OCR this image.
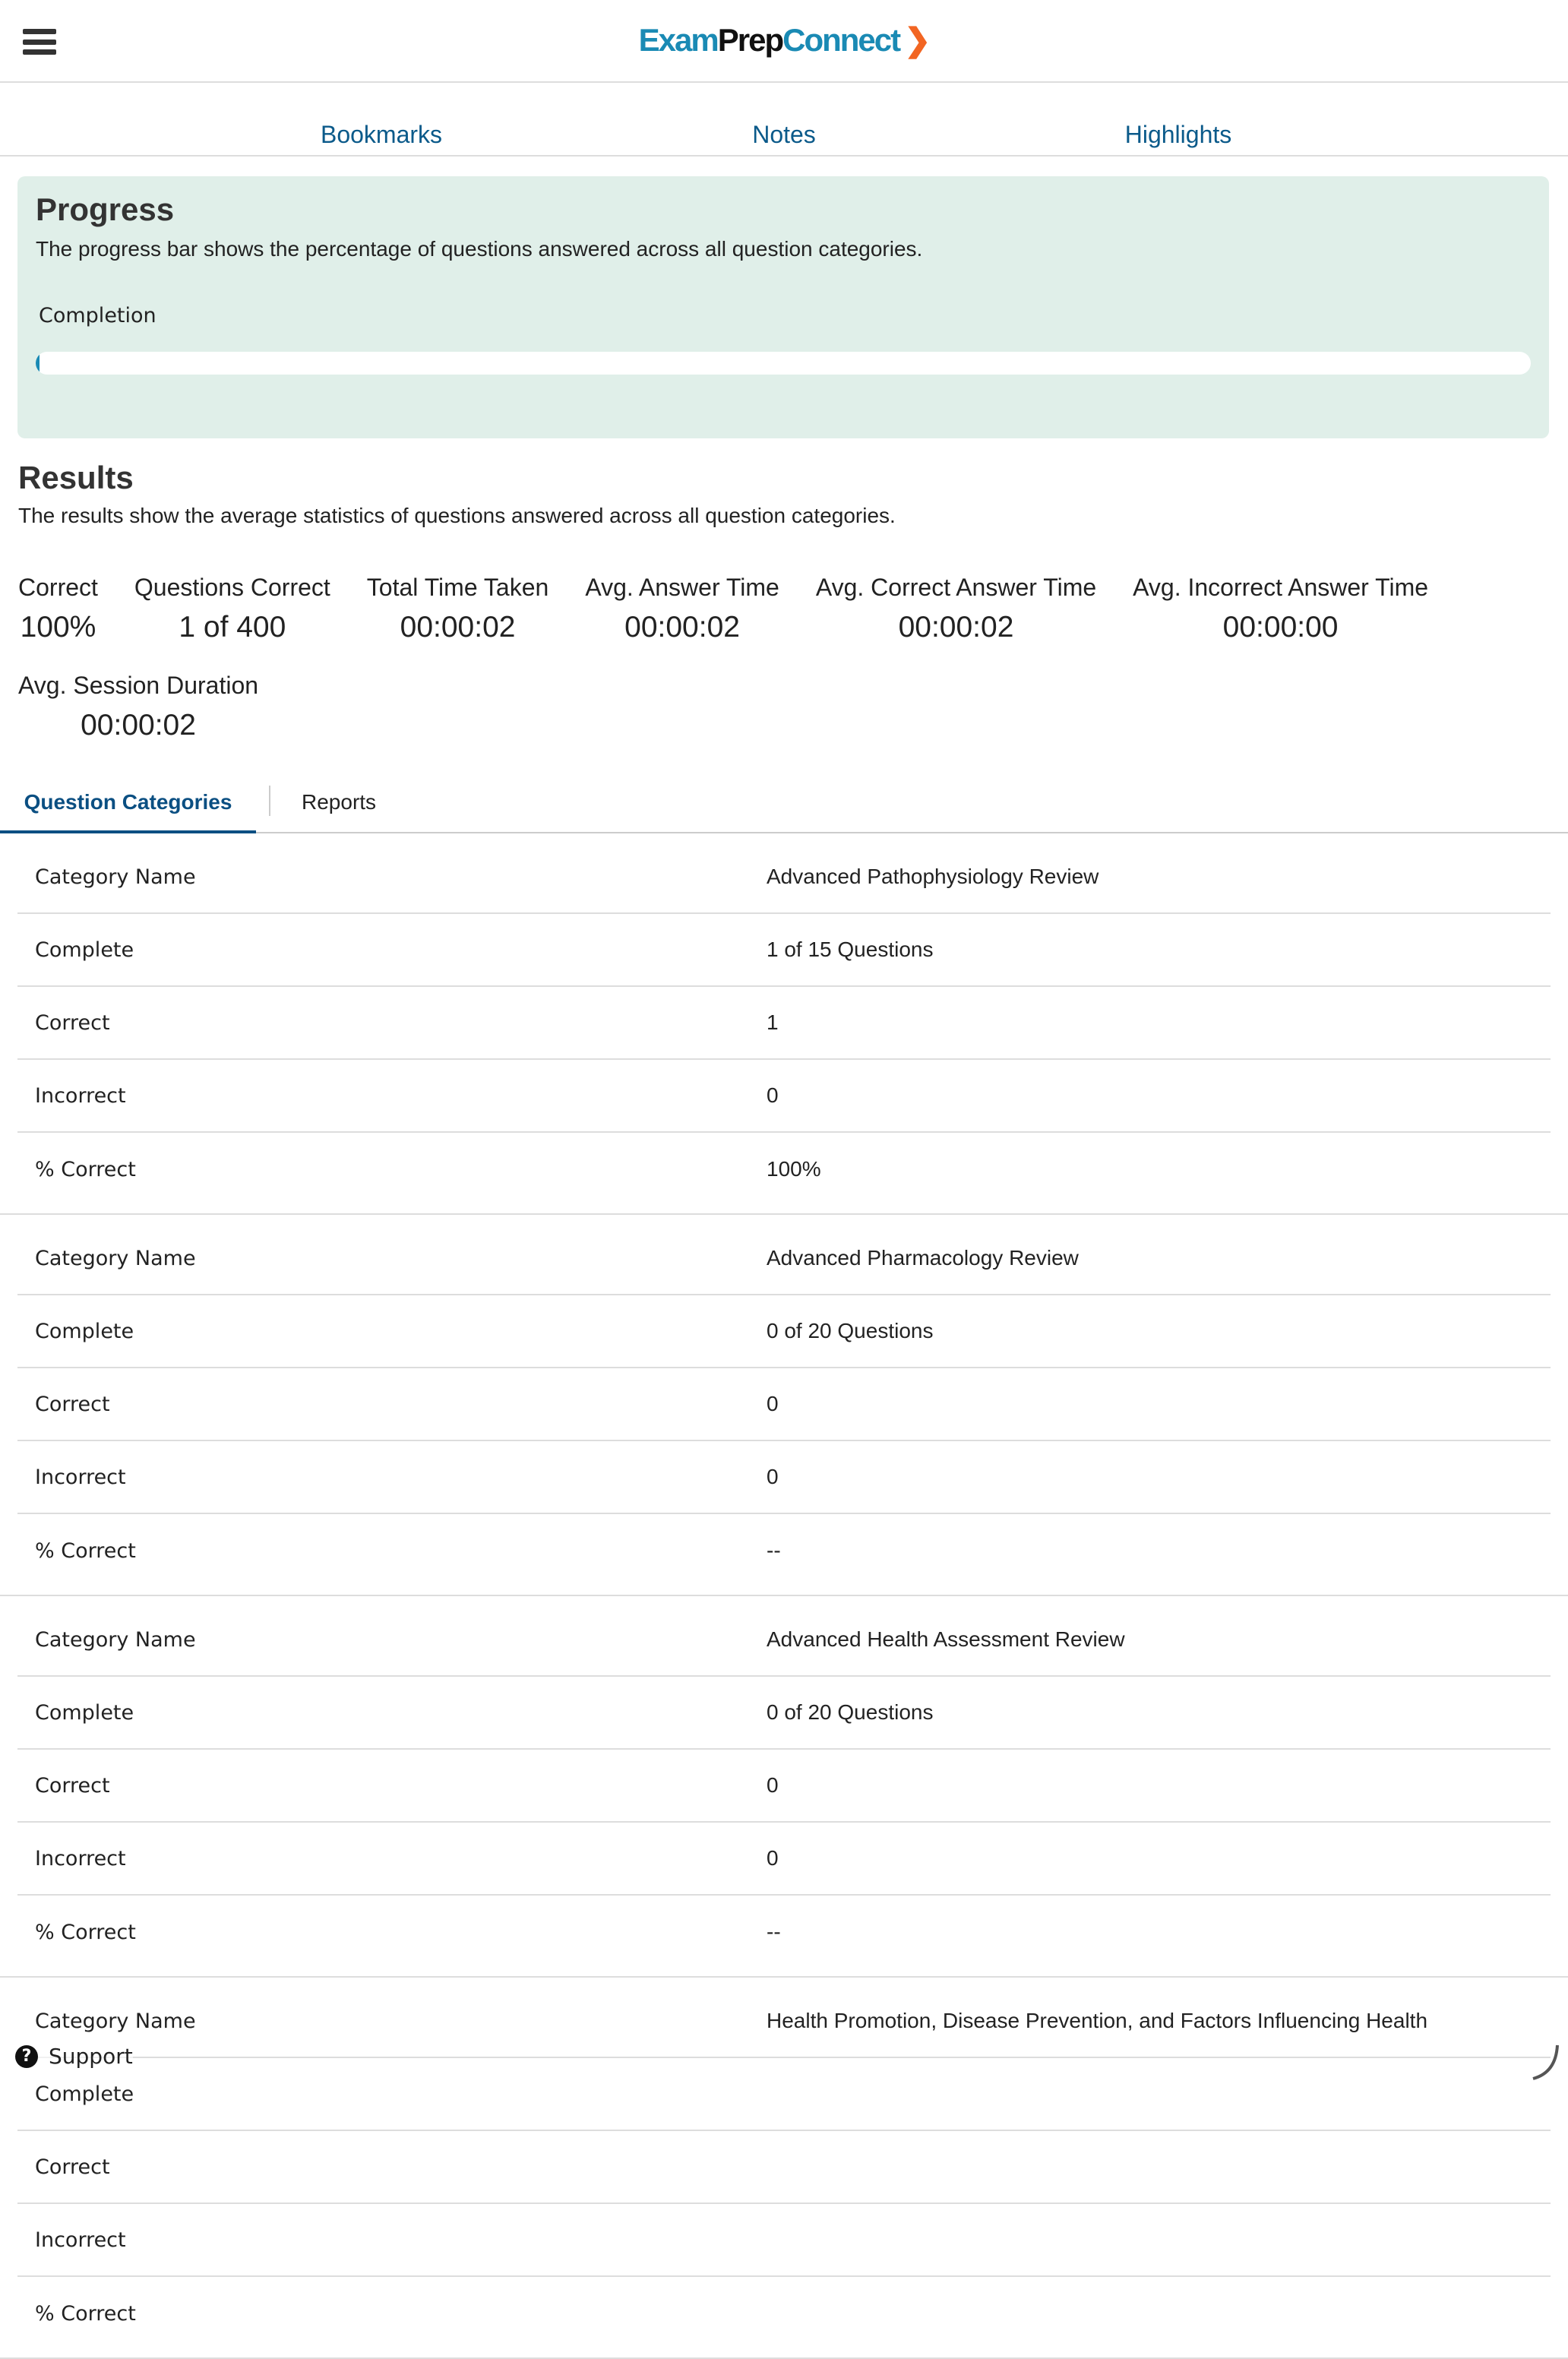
ExamPrepConnect ❯
Bookmarks	Notes	Highlights
Progress
The progress bar shows the percentage of questions answered across all question categories.
Completion
Results
The results show the average statistics of questions answered across all question categories.
Correct
100%
Questions Correct
1 of 400
Total Time Taken
00:00:02
Avg. Answer Time
00:00:02
Avg. Correct Answer Time
00:00:02
Avg. Incorrect Answer Time
00:00:00
Avg. Session Duration
00:00:02
Question Categories	Reports
Category Name	Advanced Pathophysiology Review
Complete	1 of 15 Questions
Correct	1
Incorrect	0
% Correct	100%
Category Name	Advanced Pharmacology Review
Complete	0 of 20 Questions
Correct	0
Incorrect	0
% Correct	--
Category Name	Advanced Health Assessment Review
Complete	0 of 20 Questions
Correct	0
Incorrect	0
% Correct	--
Category Name	Health Promotion, Disease Prevention, and Factors Influencing Health
Complete
Correct
Incorrect
% Correct
? Support
